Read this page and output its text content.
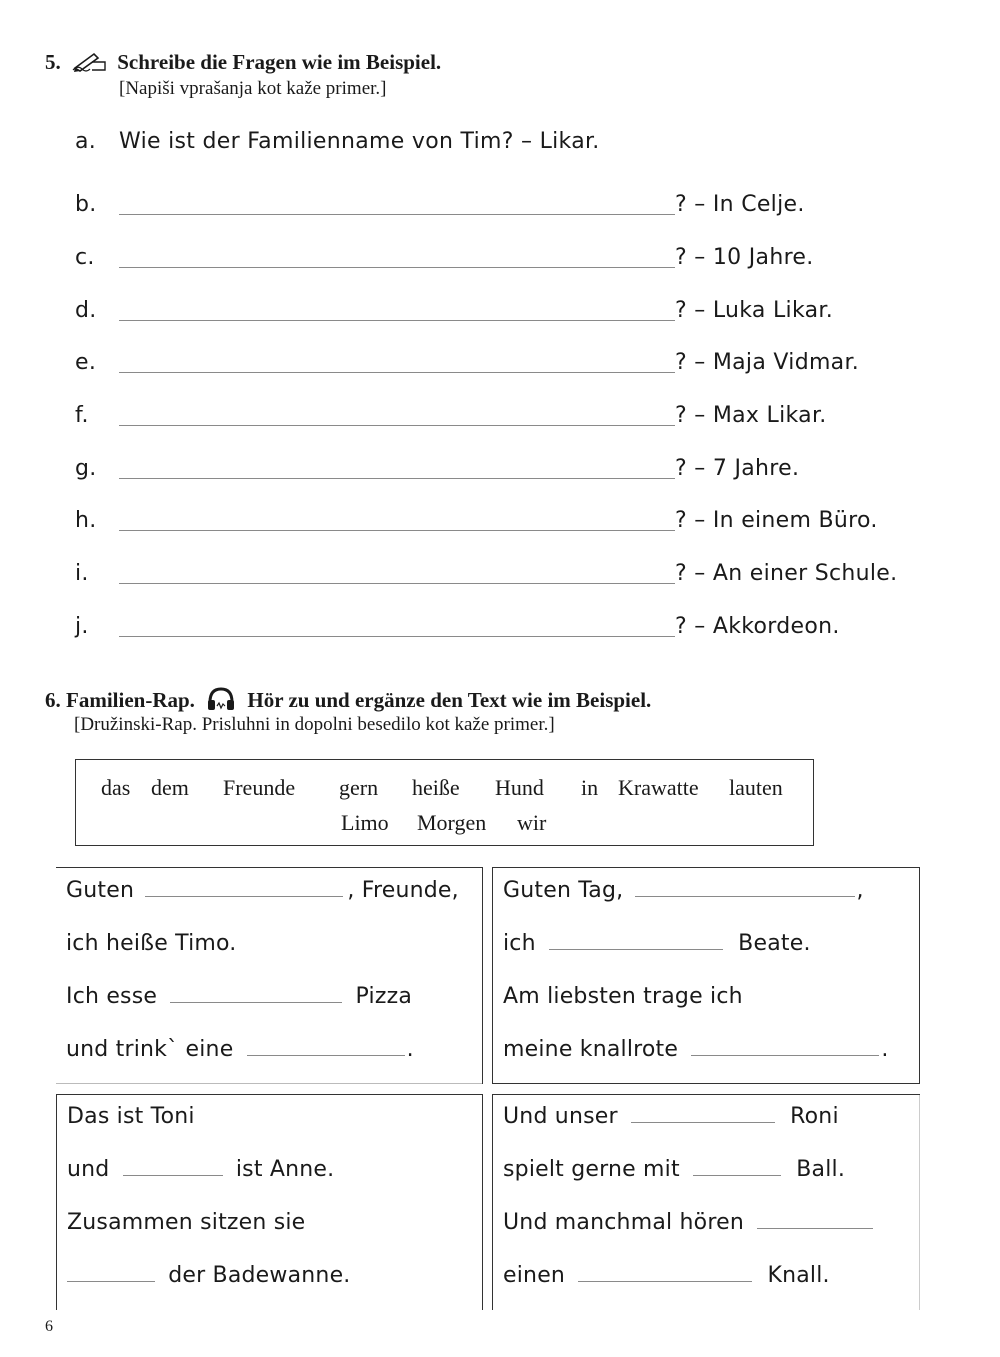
5.	Schreibe die Fragen wie im Beispiel.
[Napiši vprašanja kot kaže primer.]
a. Wie ist der Familienname von Tim? – Likar.
b.	? – In Celje.
c.	? – 10 Jahre.
d.	? – Luka Likar.
e.	? – Maja Vidmar.
f.	? – Max Likar.
g.	? – 7 Jahre.
h.	? – In einem Büro.
i.	? – An einer Schule.
j.	? – Akkordeon.
6. Familien-Rap.	Hör zu und ergänze den Text wie im Beispiel.
[Družinski-Rap. Prisluhni in dopolni besedilo kot kaže primer.]
das dem Freunde gern heiße Hund in Krawatte lauten
Limo Morgen wir
Guten	, Freunde,
ich heiße Timo.
Ich esse	Pizza
und trink` eine	.
Guten Tag,	,
ich	Beate.
Am liebsten trage ich
meine knallrote	.
Das ist Toni
und	ist Anne.
Zusammen sitzen sie
der Badewanne.
Und unser	Roni
spielt gerne mit	Ball.
Und manchmal hören
einen	Knall.
6
